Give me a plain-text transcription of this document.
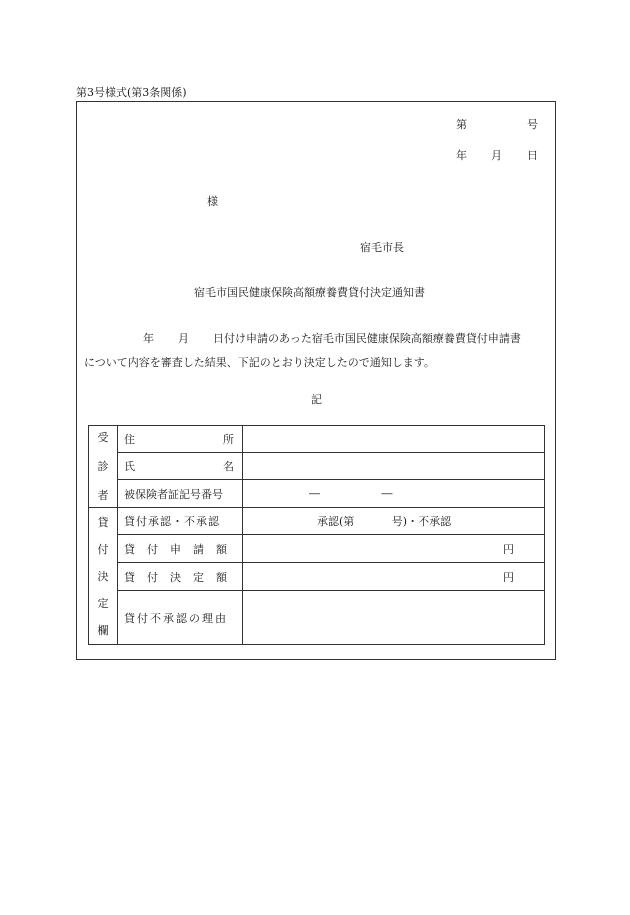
第3号様式(第3条関係)
第	号
年 月 日
様
宿毛市長
宿毛市国民健康保険高額療養費貸付決定通知書
年 月 日付け申請のあった宿毛市国民健康保険高額療養費貸付申請書
について内容を審査した結果、下記のとおり決定したので通知します。
記
受
診
者	住 所	

	氏 名	

	被保険者証記号番号	― ―

貸
付
決
定
欄	貸付承認・不承認	承認(第 号)・不承認
	貸付申請額	円
	貸付決定額	円
	貸付不承認の理由	
